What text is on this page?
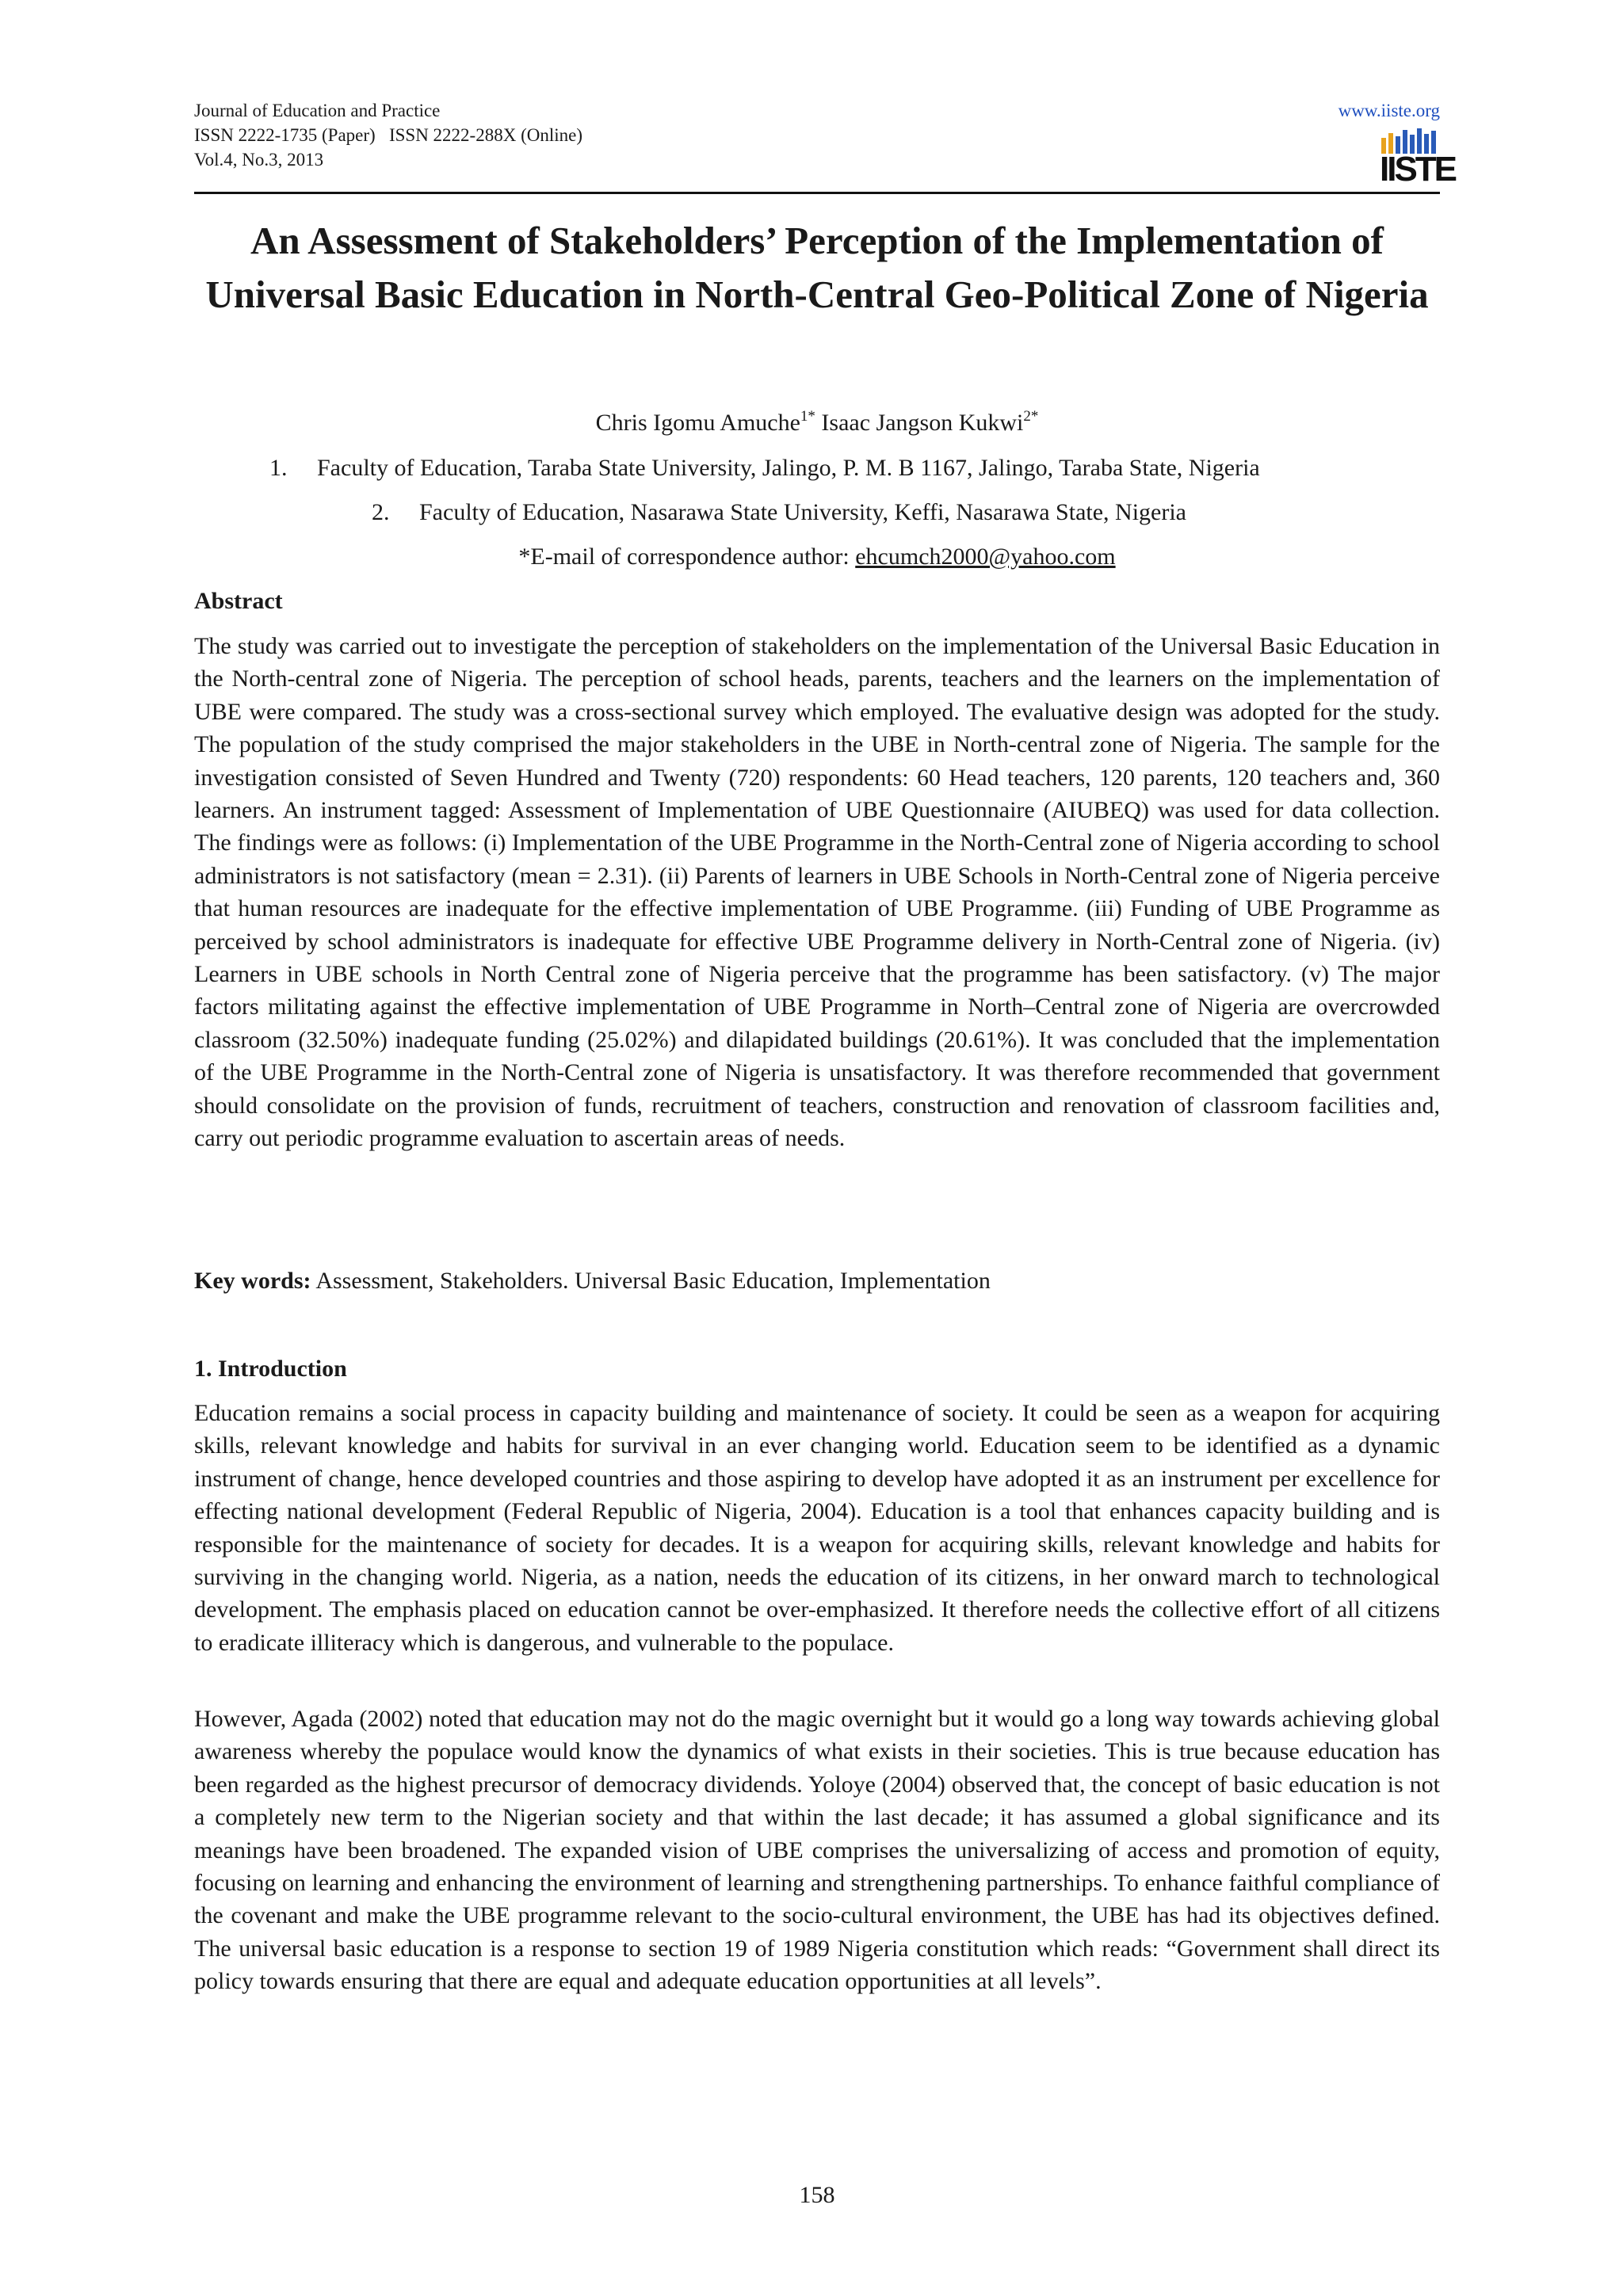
Journal of Education and Practice
ISSN 2222-1735 (Paper)   ISSN 2222-288X (Online)
Vol.4, No.3, 2013
www.iiste.org
IISTE
An Assessment of Stakeholders’ Perception of the Implementation of Universal Basic Education in North-Central Geo-Political Zone of Nigeria
Chris Igomu Amuche$^{1*}$ Isaac Jangson Kukwi$^{2*}$
1. Faculty of Education, Taraba State University, Jalingo, P. M. B 1167, Jalingo, Taraba State, Nigeria
2. Faculty of Education, Nasarawa State University, Keffi, Nasarawa State, Nigeria
*E-mail of correspondence author: ehcumch2000@yahoo.com
Abstract
The study was carried out to investigate the perception of stakeholders on the implementation of the Universal Basic Education in the North-central zone of Nigeria. The perception of school heads, parents, teachers and the learners on the implementation of UBE were compared. The study was a cross-sectional survey which employed. The evaluative design was adopted for the study. The population of the study comprised the major stakeholders in the UBE in North-central zone of Nigeria. The sample for the investigation consisted of Seven Hundred and Twenty (720) respondents: 60 Head teachers, 120 parents, 120 teachers and, 360 learners. An instrument tagged: Assessment of Implementation of UBE Questionnaire (AIUBEQ) was used for data collection. The findings were as follows: (i) Implementation of the UBE Programme in the North-Central zone of Nigeria according to school administrators is not satisfactory (mean = 2.31). (ii) Parents of learners in UBE Schools in North-Central zone of Nigeria perceive that human resources are inadequate for the effective implementation of UBE Programme. (iii) Funding of UBE Programme as perceived by school administrators is inadequate for effective UBE Programme delivery in North-Central zone of Nigeria. (iv) Learners in UBE schools in North Central zone of Nigeria perceive that the programme has been satisfactory. (v) The major factors militating against the effective implementation of UBE Programme in North–Central zone of Nigeria are overcrowded classroom (32.50%) inadequate funding (25.02%) and dilapidated buildings (20.61%). It was concluded that the implementation of the UBE Programme in the North-Central zone of Nigeria is unsatisfactory. It was therefore recommended that government should consolidate on the provision of funds, recruitment of teachers, construction and renovation of classroom facilities and, carry out periodic programme evaluation to ascertain areas of needs.
Key words: Assessment, Stakeholders. Universal Basic Education, Implementation
1. Introduction
Education remains a social process in capacity building and maintenance of society. It could be seen as a weapon for acquiring skills, relevant knowledge and habits for survival in an ever changing world. Education seem to be identified as a dynamic instrument of change, hence developed countries and those aspiring to develop have adopted it as an instrument per excellence for effecting national development (Federal Republic of Nigeria, 2004). Education is a tool that enhances capacity building and is responsible for the maintenance of society for decades. It is a weapon for acquiring skills, relevant knowledge and habits for surviving in the changing world. Nigeria, as a nation, needs the education of its citizens, in her onward march to technological development. The emphasis placed on education cannot be over-emphasized. It therefore needs the collective effort of all citizens to eradicate illiteracy which is dangerous, and vulnerable to the populace.
However, Agada (2002) noted that education may not do the magic overnight but it would go a long way towards achieving global awareness whereby the populace would know the dynamics of what exists in their societies. This is true because education has been regarded as the highest precursor of democracy dividends. Yoloye (2004) observed that, the concept of basic education is not a completely new term to the Nigerian society and that within the last decade; it has assumed a global significance and its meanings have been broadened. The expanded vision of UBE comprises the universalizing of access and promotion of equity, focusing on learning and enhancing the environment of learning and strengthening partnerships. To enhance faithful compliance of the covenant and make the UBE programme relevant to the socio-cultural environment, the UBE has had its objectives defined. The universal basic education is a response to section 19 of 1989 Nigeria constitution which reads: “Government shall direct its policy towards ensuring that there are equal and adequate education opportunities at all levels”.
158
